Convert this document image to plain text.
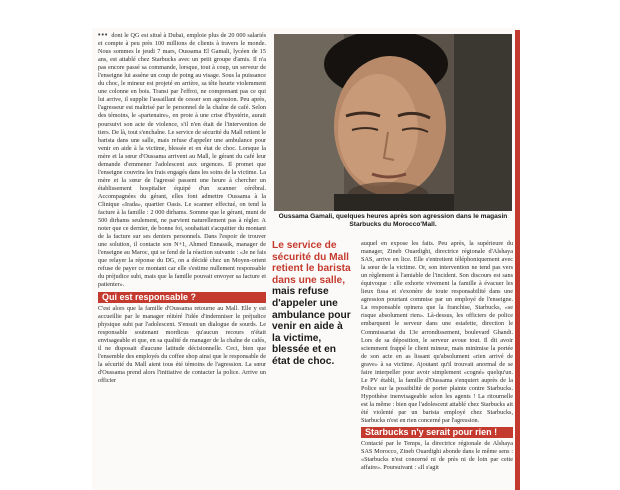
••• dont le QG est situé à Dubaï, emploie plus de 20 000 salariés et compte à peu près 100 millions de clients à travers le monde. Nous sommes le jeudi 7 mars, Oussama El Gamali, lycéen de 15 ans, est attablé chez Starbucks avec un petit groupe d'amis. Il n'a pas encore passé sa commande, lorsque, tout à coup, un serveur de l'enseigne lui assène un coup de poing au visage. Sous la puissance du choc, le mineur est projeté en arrière, sa tête heurte violemment une colonne en bois. Transi par l'effroi, ne comprenant pas ce qui lui arrive, il supplie l'assaillant de cesser son agression. Peu après, l'agresseur est maîtrisé par le personnel de la chaîne de café. Selon des témoins, le «partenaire», en proie à une crise d'hystérie, aurait poursuivi son acte de violence, s'il n'en était de l'intervention de tiers. De là, tout s'enchaîne. Le service de sécurité du Mall retient le barista dans une salle, mais refuse d'appeler une ambulance pour venir en aide à la victime, blessée et en état de choc. Lorsque la mère et la sœur d'Oussama arrivent au Mall, le gérant du café leur demande d'emmener l'adolescent aux urgences. Il promet que l'enseigne couvrira les frais engagés dans les soins de la victime. La mère et la sœur de l'agressé passent une heure à chercher un établissement hospitalier équipé d'un scanner cérébral. Accompagnées du gérant, elles font admettre Oussama à la Clinique «Irada», quartier Oasis. Le scanner effectué, on tend la facture à la famille : 2 000 dirhams. Somme que le gérant, muni de 500 dirhams seulement, ne parvient naturellement pas à régler. A noter que ce dernier, de bonne foi, souhaitait s'acquitter du montant de la facture sur ses deniers personnels. Dans l'espoir de trouver une solution, il contacte son N+1, Ahmed Ennassik, manager de l'enseigne au Maroc, qui se fend de la réaction suivante : «Je ne fais que relayer la réponse du DG, on a décidé chez un Moyen-orient refuse de payer ce montant car elle s'estime nullement responsable du préjudice subi, mais que la famille pouvait envoyer sa facture et patienter».

Qui est responsable ?

C'est alors que la famille d'Oussama retourne au Mall. Elle y est accueillie par le manager réitéré l'idée d'indemniser le préjudice physique subi par l'adolescent. S'ensuit un dialogue de sourds. Le responsable soutenant mordicus qu'aucun recours n'était envisageable et que, en sa qualité de manager de la chaîne de cafés, il ne disposait d'aucune latitude décisionnelle. Ceci, bien que l'ensemble des employés du coffee shop ainsi que le responsable de la sécurité du Mall aient tous été témoins de l'agression. La sœur d'Oussama prend alors l'initiative de contacter la police. Arrive un officier

Oussama Gamali, quelques heures après son agression dans le magasin Starbucks du Morocco'Mall.
Le service de sécurité du Mall retient le barista dans une salle, mais refuse d'appeler une ambulance pour venir en aide à la victime, blessée et en état de choc.

auquel en expose les faits. Peu après, la supérieure du manager, Zineb Ouardighi, directrice régionale d'Alshaya SAS, arrive en lice. Elle s'entretient téléphoniquement avec la sœur de la victime. Or, son intervention ne tend pas vers un règlement à l'amiable de l'incident. Son discours est sans équivoque : elle exhorte vivement la famille à évacuer les lieux fissa et s'exonère de toute responsabilité dans une agression pourtant commise par un employé de l'enseigne. La responsable opinera que la franchise, Starbucks, «se risque absolument rien». Là-dessus, les officiers de police embarquent le serveur dans une estafette, direction le Commissariat du 13e arrondissement, boulevard Ghandi. Lors de sa déposition, le serveur avoue tout. Il dit avoir sciemment frappé le client mineur, mais minimise la portée de son acte en as lissant qu'absolument «rien arrivé de grave» à sa victime. Ajoutant qu'il trouvait anormal de se faire interpeller pour avoir simplement «cogné» quelqu'un. Le PV établi, la famille d'Oussama s'enquiert auprès de la Police sur la possibilité de porter plainte contre Starbucks. Hypothèse inenvisageable selon les agents ! La ritournelle est la même : bien que l'adolescent attablé chez Starbucks ait été violenté par un barista employé chez Starbucks, Starbucks n'est en rien concerné par l'agression.

Starbucks n'y serait pour rien !

Contacté par le Temps, la directrice régionale de Alshaya SAS Morocco, Zineb Ouardighi abonde dans le même sens : «Starbucks n'est concerné ni de près ni de loin par cette affaire». Poursuivant : «Il s'agit
